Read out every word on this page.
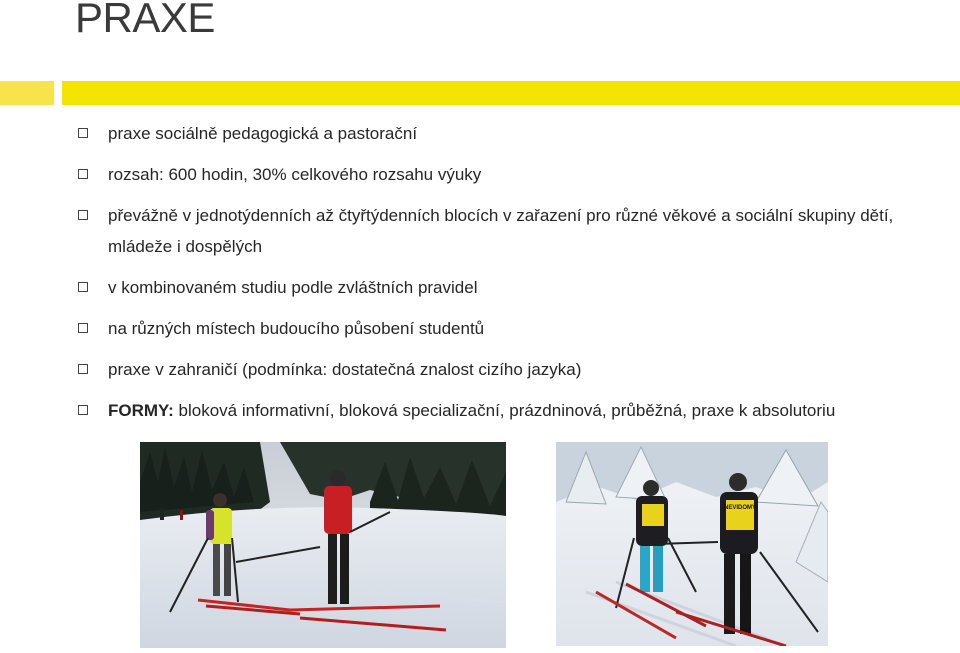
PRAXE
praxe sociálně pedagogická a pastorační
rozsah: 600 hodin, 30% celkového rozsahu výuky
převážně v jednotýdenních až čtyřtýdenních blocích v zařazení pro různé věkové a sociální skupiny dětí, mládeže i dospělých
v kombinovaném studiu podle zvláštních pravidel
na různých místech budoucího působení studentů
praxe v zahraničí (podmínka: dostatečná znalost cizího jazyka)
FORMY: bloková informativní, bloková specializační, prázdninová, průběžná, praxe k absolutoriu
NEVIDOMÝ
